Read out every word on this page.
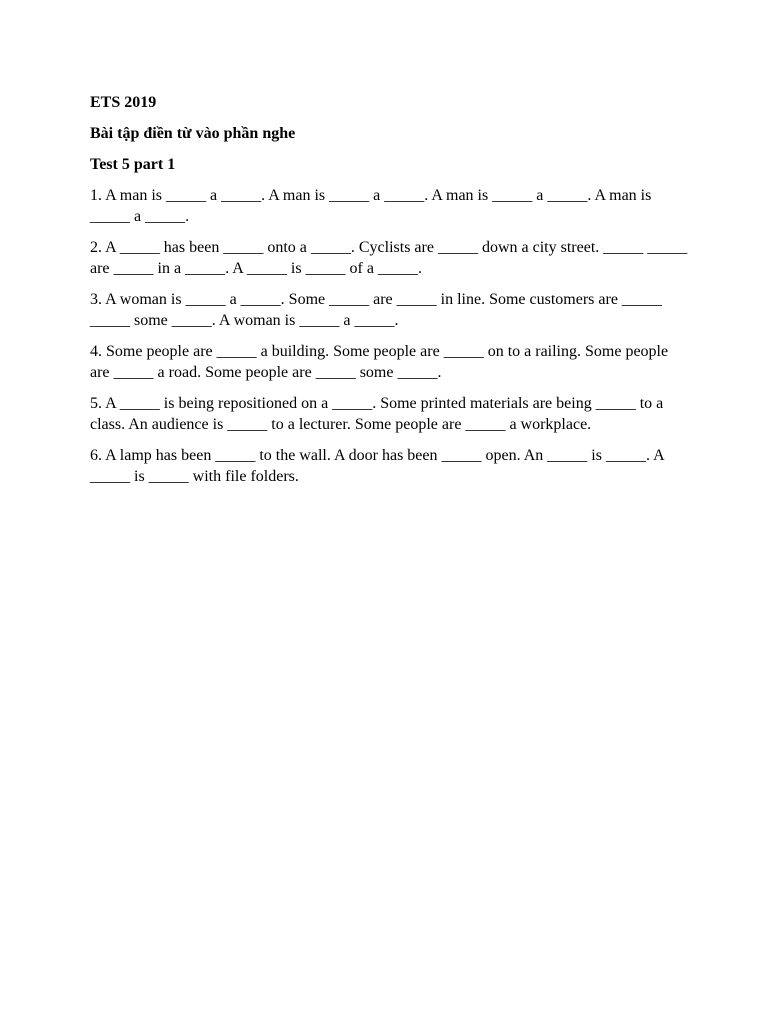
ETS 2019

Bài tập điền từ vào phần nghe

Test 5 part 1

1. A man is _____ a _____. A man is _____ a _____. A man is _____ a _____. A man is _____ a _____.

2. A _____ has been _____ onto a _____. Cyclists are _____ down a city street. _____ _____ are _____ in a _____. A _____ is _____ of a _____.

3. A woman is _____ a _____. Some _____ are _____ in line. Some customers are _____ _____ some _____. A woman is _____ a _____.

4. Some people are _____ a building. Some people are _____ on to a railing. Some people are _____ a road. Some people are _____ some _____.

5. A _____ is being repositioned on a _____. Some printed materials are being _____ to a class. An audience is _____ to a lecturer. Some people are _____ a workplace.

6. A lamp has been _____ to the wall. A door has been _____ open. An _____ is _____. A _____ is _____ with file folders.
